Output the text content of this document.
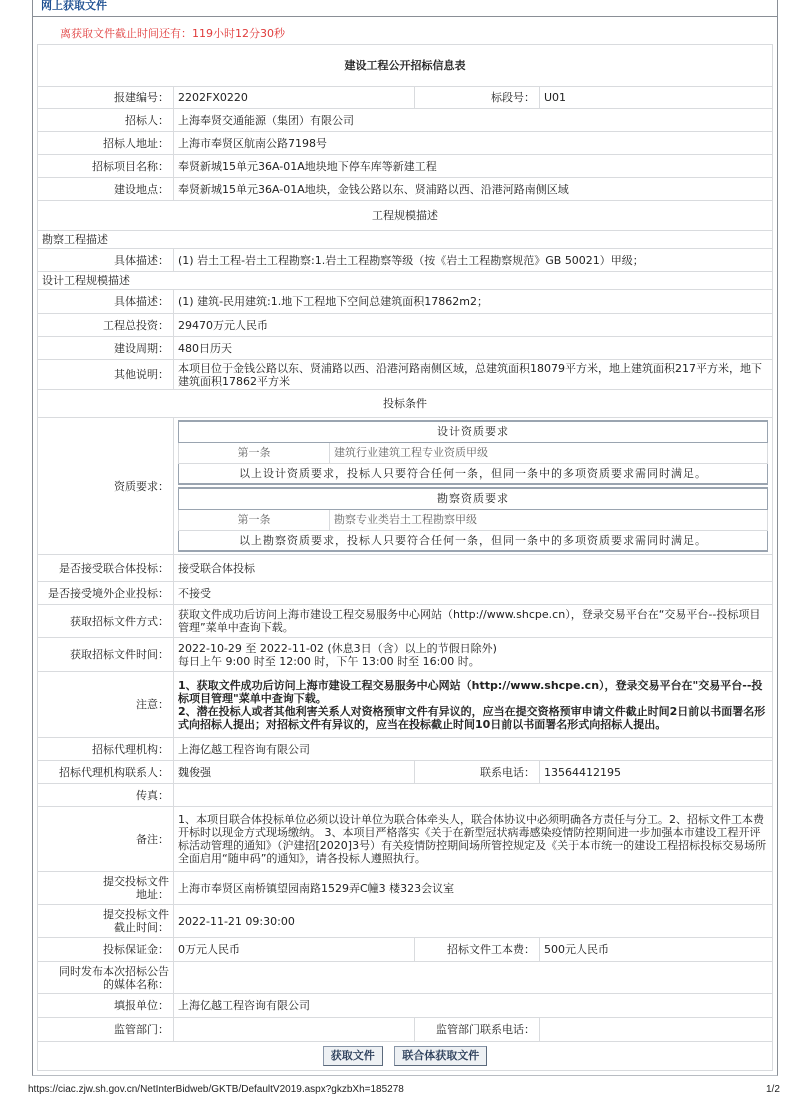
网上获取文件
离获取文件截止时间还有：119小时12分30秒
建设工程公开招标信息表
报建编号：	2202FX0220	标段号：	U01
招标人：	上海奉贤交通能源（集团）有限公司
招标人地址：	上海市奉贤区航南公路7198号
招标项目名称：	奉贤新城15单元36A-01A地块地下停车库等新建工程
建设地点：	奉贤新城15单元36A-01A地块，金钱公路以东、贤浦路以西、沿港河路南侧区域
工程规模描述
勘察工程描述
具体描述：	(1) 岩土工程-岩土工程勘察:1.岩土工程勘察等级（按《岩土工程勘察规范》GB 50021）甲级；
设计工程规模描述
具体描述：	(1) 建筑-民用建筑:1.地下工程地下空间总建筑面积17862m2；
工程总投资：	29470万元人民币
建设周期：	480日历天
其他说明：	本项目位于金钱公路以东、贤浦路以西、沿港河路南侧区域，总建筑面积18079平方米，地上建筑面积217平方米，地下建筑面积17862平方米
投标条件
资质要求：	
设计资质要求
第一条	建筑行业建筑工程专业资质甲级
以上设计资质要求，投标人只要符合任何一条，但同一条中的多项资质要求需同时满足。
勘察资质要求
第一条	勘察专业类岩土工程勘察甲级
以上勘察资质要求，投标人只要符合任何一条，但同一条中的多项资质要求需同时满足。

是否接受联合体投标：	接受联合体投标
是否接受境外企业投标：	不接受
获取招标文件方式：	获取文件成功后访问上海市建设工程交易服务中心网站（http://www.shcpe.cn），登录交易平台在“交易平台--投标项目管理”菜单中查询下载。
获取招标文件时间：	2022-10-29 至 2022-11-02 (休息3日（含）以上的节假日除外)
每日上午 9:00 时至 12:00 时，下午 13:00 时至 16:00 时。

注意：	
1、获取文件成功后访问上海市建设工程交易服务中心网站（http://www.shcpe.cn），登录交易平台在"交易平台--投标项目管理"菜单中查询下载。
2、潜在投标人或者其他利害关系人对资格预审文件有异议的，应当在提交资格预审申请文件截止时间2日前以书面署名形式向招标人提出；对招标文件有异议的，应当在投标截止时间10日前以书面署名形式向招标人提出。

招标代理机构：	上海亿越工程咨询有限公司
招标代理机构联系人：	魏俊强	联系电话：	13564412195
传真：	
备注：	1、本项目联合体投标单位必须以设计单位为联合体牵头人，联合体协议中必须明确各方责任与分工。2、招标文件工本费开标时以现金方式现场缴纳。 3、本项目严格落实《关于在新型冠状病毒感染疫情防控期间进一步加强本市建设工程开评标活动管理的通知》（沪建招[2020]3号）有关疫情防控期间场所管控规定及《关于本市统一的建设工程招标投标交易场所全面启用“随申码”的通知》，请各投标人遵照执行。

提交投标文件
地址：	上海市奉贤区南桥镇望园南路1529弄C幢3 楼323会议室

提交投标文件
截止时间：	2022-11-21 09:30:00
投标保证金：	0万元人民币	招标文件工本费：	500元人民币

同时发布本次招标公告
的媒体名称：

填报单位：	上海亿越工程咨询有限公司
监管部门：		监管部门联系电话：	
获取文件	联合体获取文件
https://ciac.zjw.sh.gov.cn/NetInterBidweb/GKTB/DefaultV2019.aspx?gkzbXh=185278	1/2
